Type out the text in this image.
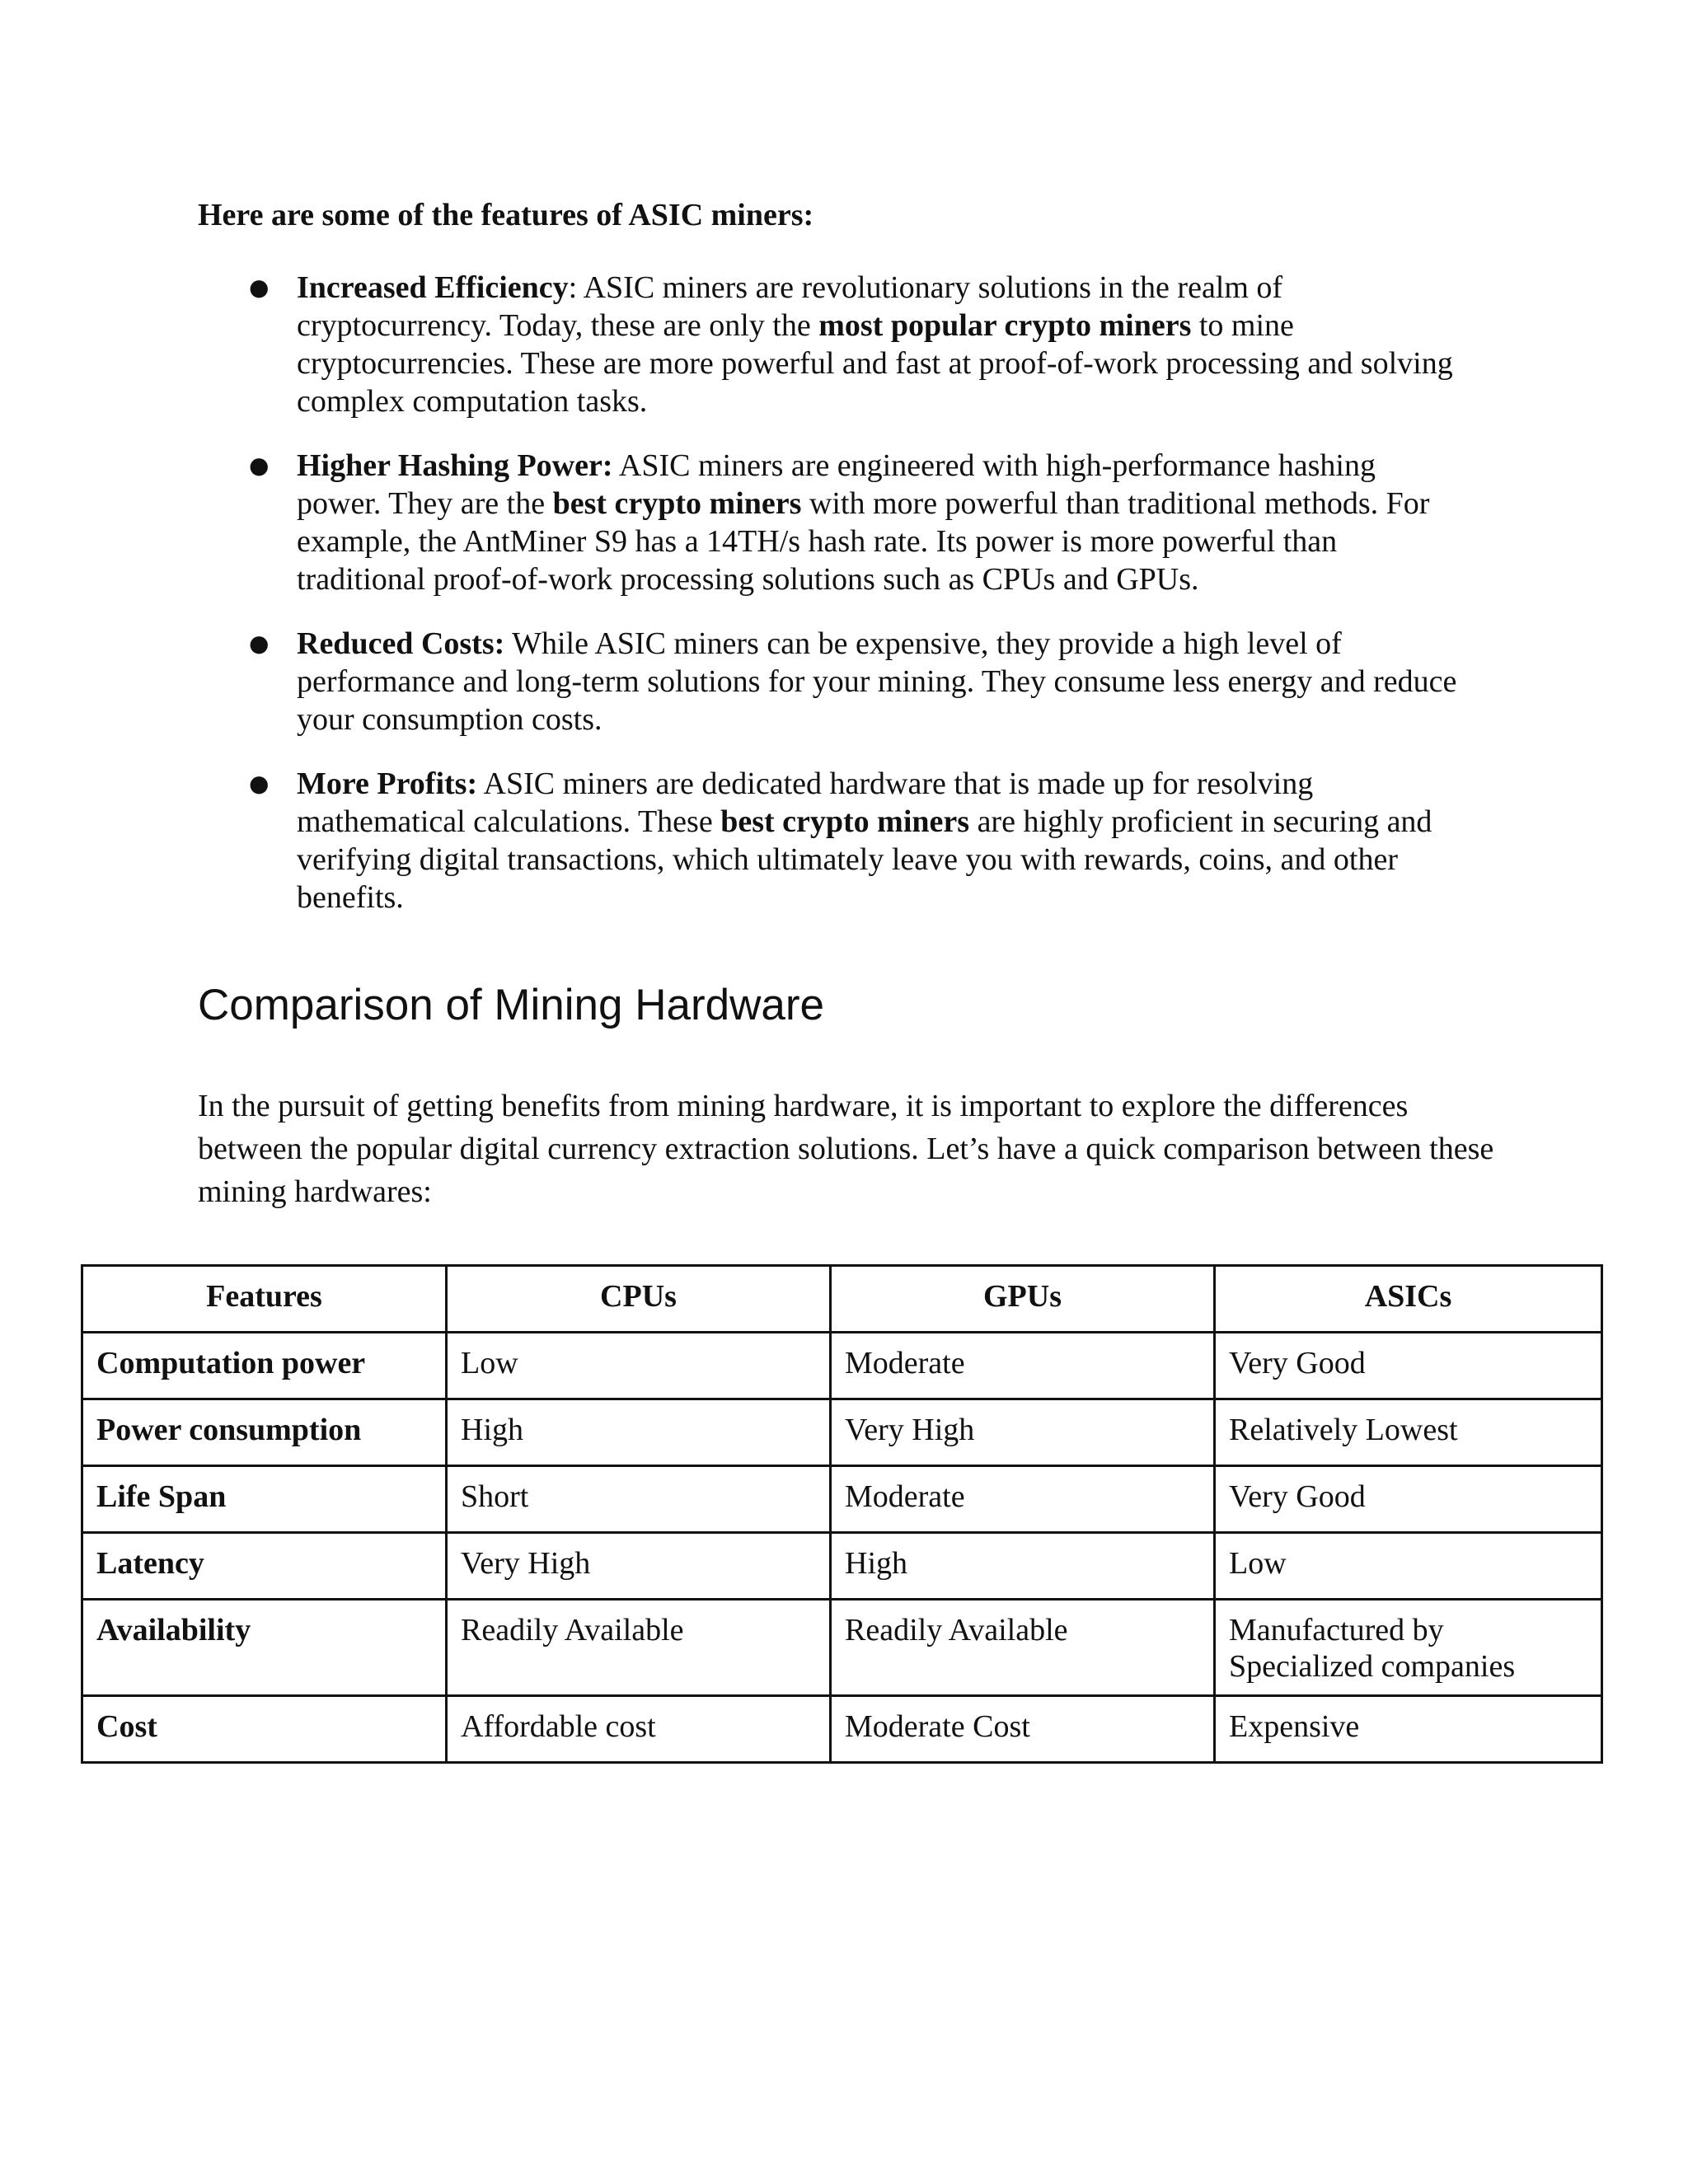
Here are some of the features of ASIC miners:

● Increased Efficiency: ASIC miners are revolutionary solutions in the realm of cryptocurrency. Today, these are only the most popular crypto miners to mine cryptocurrencies. These are more powerful and fast at proof-of-work processing and solving complex computation tasks.
● Higher Hashing Power: ASIC miners are engineered with high-performance hashing power. They are the best crypto miners with more powerful than traditional methods. For example, the AntMiner S9 has a 14TH/s hash rate. Its power is more powerful than traditional proof-of-work processing solutions such as CPUs and GPUs.
● Reduced Costs: While ASIC miners can be expensive, they provide a high level of performance and long-term solutions for your mining. They consume less energy and reduce your consumption costs.
● More Profits: ASIC miners are dedicated hardware that is made up for resolving mathematical calculations. These best crypto miners are highly proficient in securing and verifying digital transactions, which ultimately leave you with rewards, coins, and other benefits.
Comparison of Mining Hardware

In the pursuit of getting benefits from mining hardware, it is important to explore the differences between the popular digital currency extraction solutions. Let’s have a quick comparison between these mining hardwares:

Features	CPUs	GPUs	ASICs
Computation power	Low	Moderate	Very Good
Power consumption	High	Very High	Relatively Lowest
Life Span	Short	Moderate	Very Good
Latency	Very High	High	Low
Availability	Readily Available	Readily Available	Manufactured by Specialized companies
Cost	Affordable cost	Moderate Cost	Expensive
